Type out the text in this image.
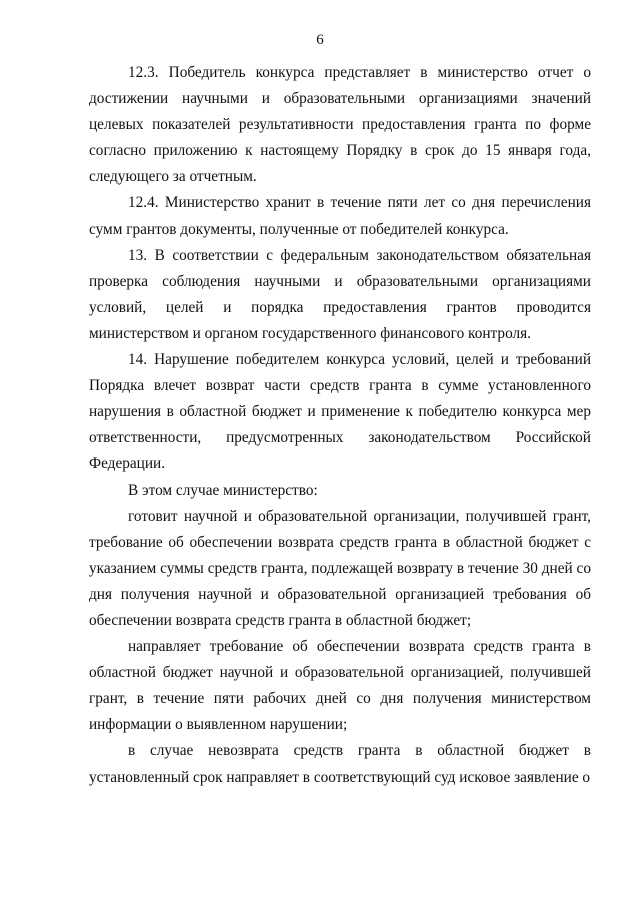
6

12.3. Победитель конкурса представляет в министерство отчет о достижении научными и образовательными организациями значений целевых показателей результативности предоставления гранта по форме согласно приложению к настоящему Порядку в срок до 15 января года, следующего за отчетным.

12.4. Министерство хранит в течение пяти лет со дня перечисления сумм грантов документы, полученные от победителей конкурса.

13. В соответствии с федеральным законодательством обязательная проверка соблюдения научными и образовательными организациями условий, целей и порядка предоставления грантов проводится министерством и органом государственного финансового контроля.

14. Нарушение победителем конкурса условий, целей и требований Порядка влечет возврат части средств гранта в сумме установленного нарушения в областной бюджет и применение к победителю конкурса мер ответственности, предусмотренных законодательством Российской Федерации.

В этом случае министерство:

готовит научной и образовательной организации, получившей грант, требование об обеспечении возврата средств гранта в областной бюджет с указанием суммы средств гранта, подлежащей возврату в течение 30 дней со дня получения научной и образовательной организацией требования об обеспечении возврата средств гранта в областной бюджет;

направляет требование об обеспечении возврата средств гранта в областной бюджет научной и образовательной организацией, получившей грант, в течение пяти рабочих дней со дня получения министерством информации о выявленном нарушении;

в случае невозврата средств гранта в областной бюджет в установленный срок направляет в соответствующий суд исковое заявление о
